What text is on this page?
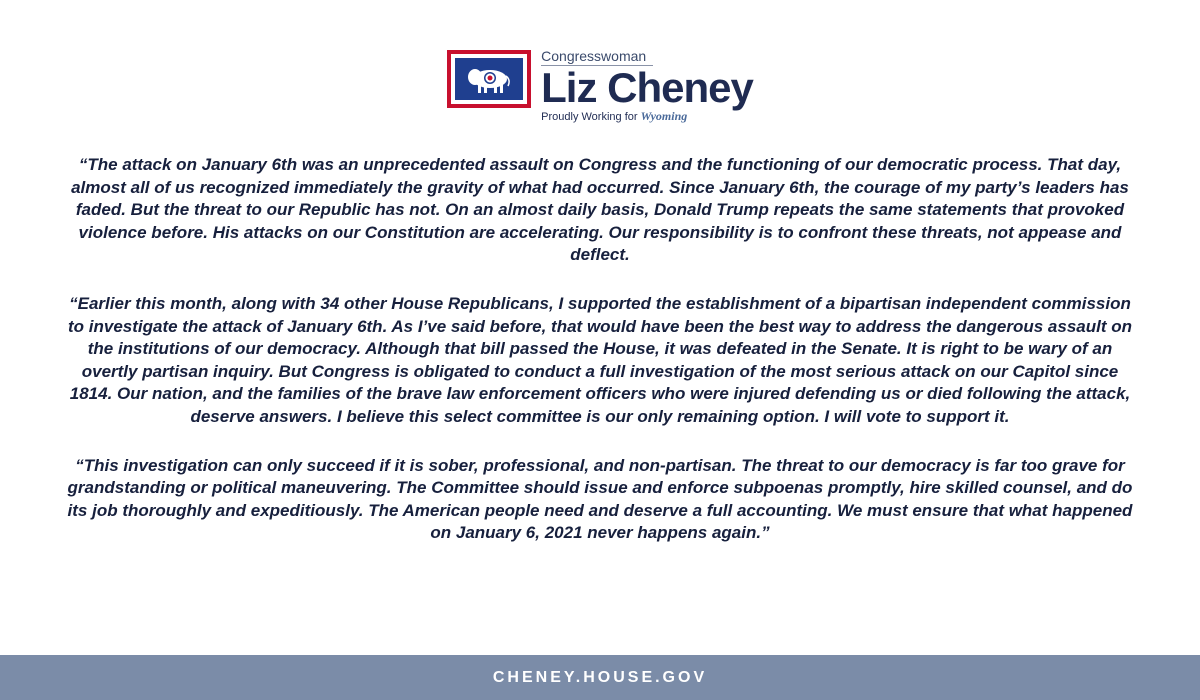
Congresswoman
Liz Cheney
Proudly Working for Wyoming

“The attack on January 6th was an unprecedented assault on Congress and the functioning of our democratic process. That day, almost all of us recognized immediately the gravity of what had occurred. Since January 6th, the courage of my party’s leaders has faded. But the threat to our Republic has not. On an almost daily basis, Donald Trump repeats the same statements that provoked violence before. His attacks on our Constitution are accelerating. Our responsibility is to confront these threats, not appease and deflect.

“Earlier this month, along with 34 other House Republicans, I supported the establishment of a bipartisan independent commission to investigate the attack of January 6th. As I’ve said before, that would have been the best way to address the dangerous assault on the institutions of our democracy. Although that bill passed the House, it was defeated in the Senate. It is right to be wary of an overtly partisan inquiry. But Congress is obligated to conduct a full investigation of the most serious attack on our Capitol since 1814. Our nation, and the families of the brave law enforcement officers who were injured defending us or died following the attack, deserve answers. I believe this select committee is our only remaining option. I will vote to support it.

“This investigation can only succeed if it is sober, professional, and non-partisan. The threat to our democracy is far too grave for grandstanding or political maneuvering. The Committee should issue and enforce subpoenas promptly, hire skilled counsel, and do its job thoroughly and expeditiously. The American people need and deserve a full accounting. We must ensure that what happened on January 6, 2021 never happens again.”

CHENEY.HOUSE.GOV
